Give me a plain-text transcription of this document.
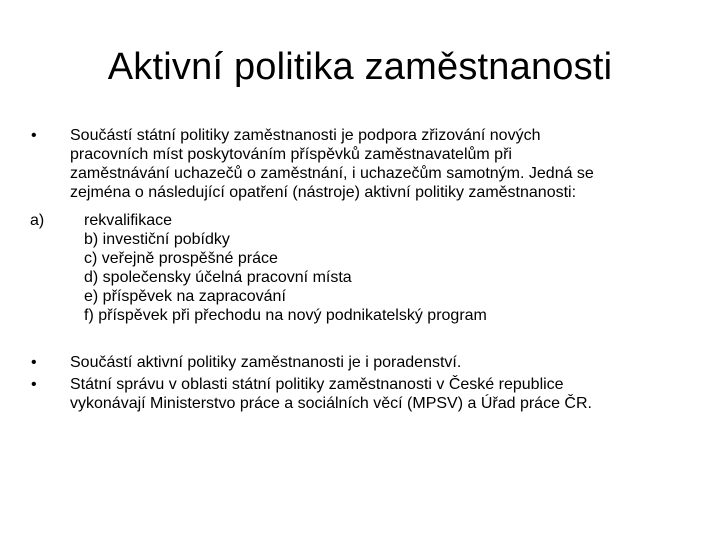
Aktivní politika zaměstnanosti
• Součástí státní politiky zaměstnanosti je podpora zřizování nových
pracovních míst poskytováním příspěvků zaměstnavatelům při
zaměstnávání uchazečů o zaměstnání, i uchazečům samotným. Jedná se
zejména o následující opatření (nástroje) aktivní politiky zaměstnanosti:
a) rekvalifikace
b) investiční pobídky
c) veřejně prospěšné práce
d) společensky účelná pracovní místa
e) příspěvek na zapracování
f) příspěvek při přechodu na nový podnikatelský program
• Součástí aktivní politiky zaměstnanosti je i poradenství.
• Státní správu v oblasti státní politiky zaměstnanosti v České republice
vykonávají Ministerstvo práce a sociálních věcí (MPSV) a Úřad práce ČR.
